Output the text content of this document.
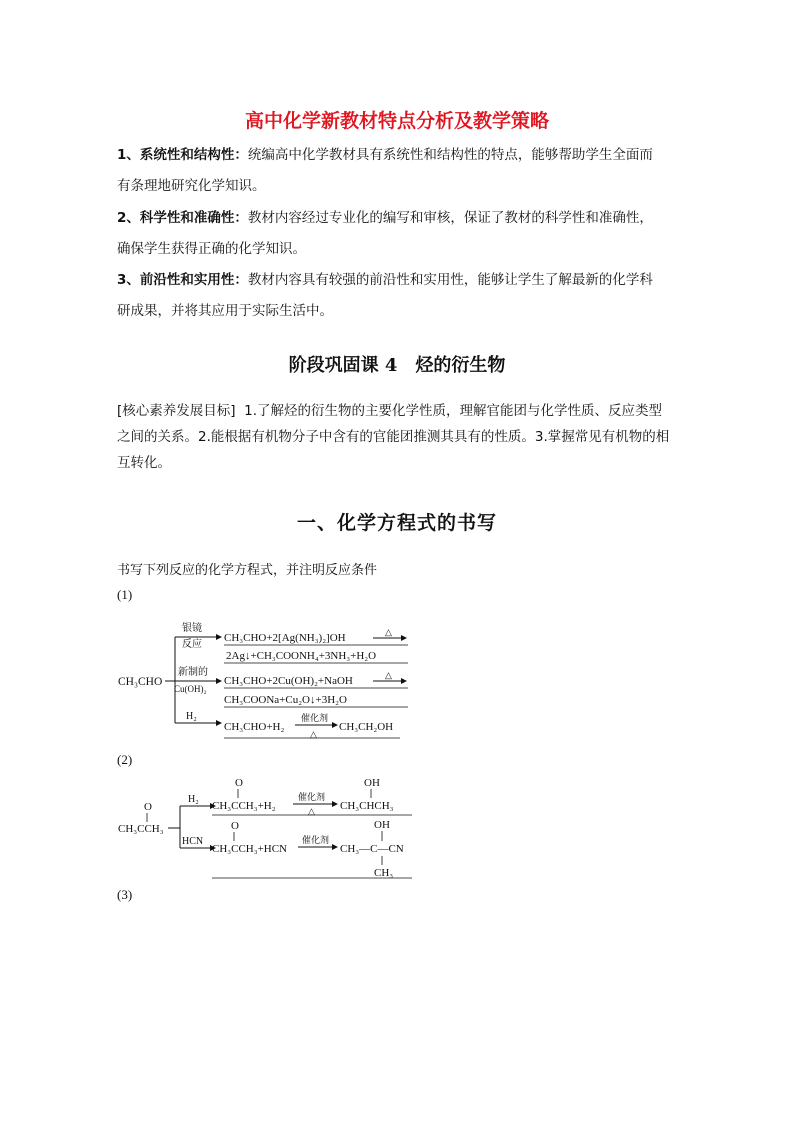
高中化学新教材特点分析及教学策略
1、系统性和结构性：统编高中化学教材具有系统性和结构性的特点，能够帮助学生全面而
有条理地研究化学知识。
2、科学性和准确性：教材内容经过专业化的编写和审核，保证了教材的科学性和准确性，
确保学生获得正确的化学知识。
3、前沿性和实用性：教材内容具有较强的前沿性和实用性，能够让学生了解最新的化学科
研成果，并将其应用于实际生活中。
阶段巩固课 4　烃的衍生物
[核心素养发展目标] 1.了解烃的衍生物的主要化学性质，理解官能团与化学性质、反应类型
之间的关系。2.能根据有机物分子中含有的官能团推测其具有的性质。3.掌握常见有机物的相
互转化。
一、化学方程式的书写
书写下列反应的化学方程式，并注明反应条件
(1)
(2)
(3)
CH₃CHO
银镜
反应
CH₃CHO+2[Ag(NH₃)₂]OH	△
2Ag↓+CH₃COONH₄+3NH₃+H₂O
新制的
Cu(OH)₂
CH₃CHO+2Cu(OH)₂+NaOH	△
CH₃COONa+Cu₂O↓+3H₂O
H₂
CH₃CHO+H₂
催化剂
△
CH₃CH₂OH
O
CH₃CCH₃
H₂
O
CH₃CCH₃+H₂
催化剂
△
OH
CH₃CHCH₃
HCN
O
CH₃CCH₃+HCN
催化剂
OH
CH₃—C—CN
CH₃
